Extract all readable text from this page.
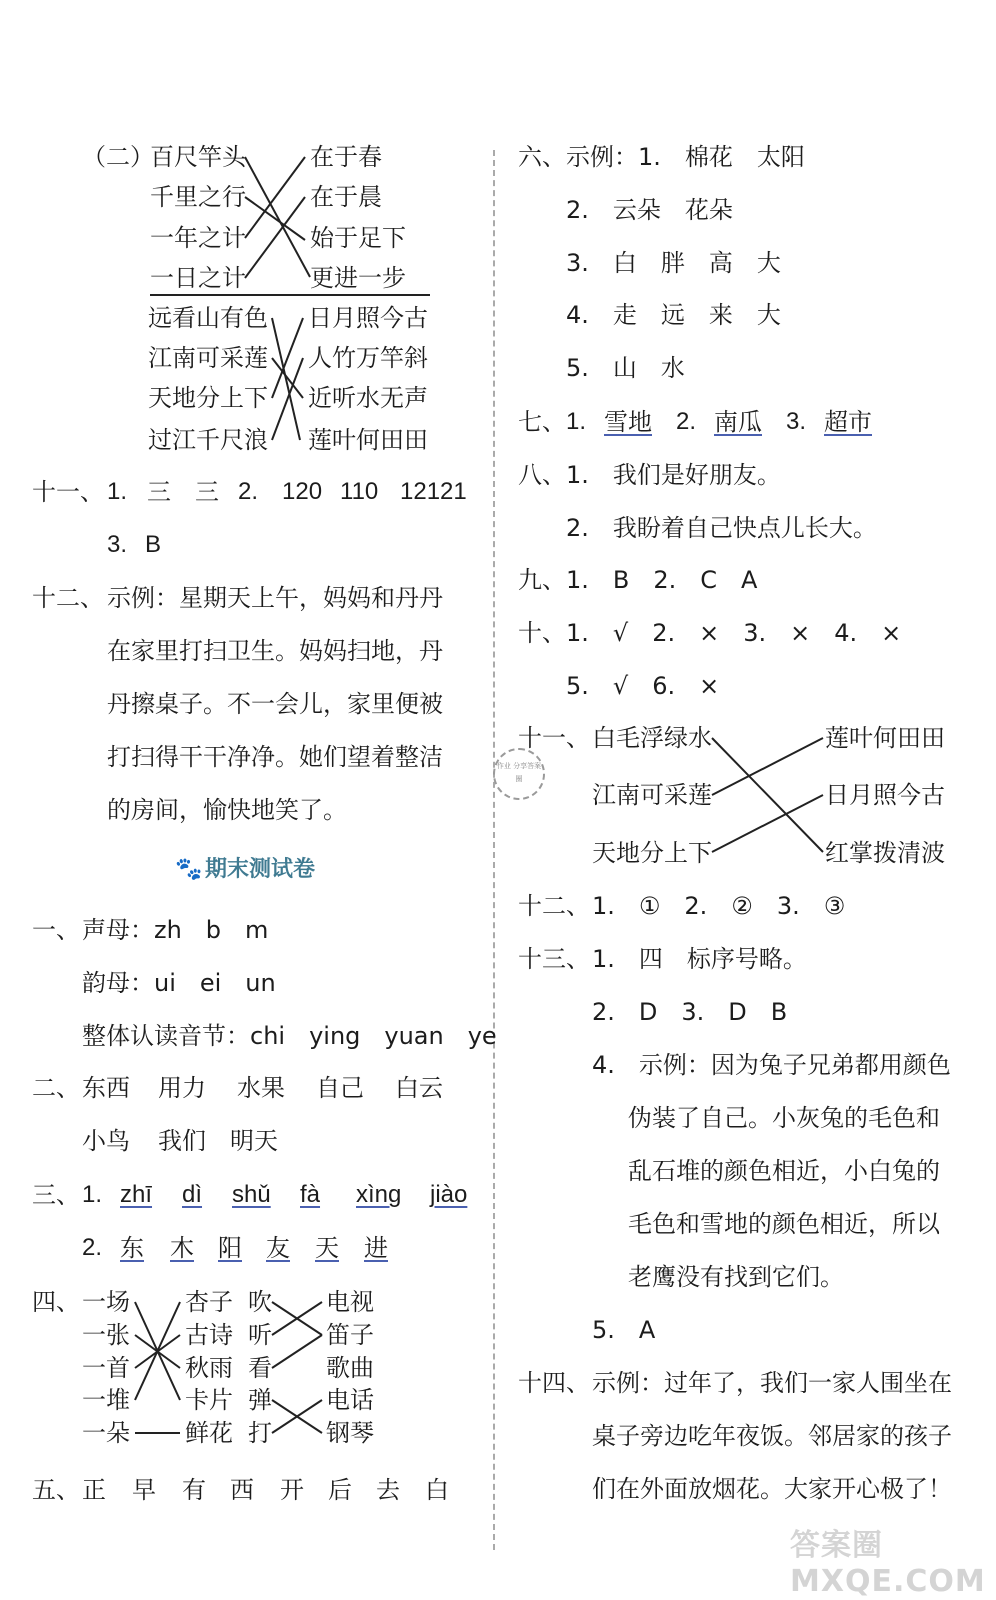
（二）
百尺竿头
千里之行
一年之计
一日之计
在于春
在于晨
始于足下
更进一步
远看山有色
江南可采莲
天地分上下
过江千尺浪
日月照今古
人竹万竿斜
近听水无声
莲叶何田田
十一、 1. 三 三 2. 120 110 12121
3. B
十二、 示例：星期天上午，妈妈和丹丹
在家里打扫卫生。妈妈扫地，丹
丹擦桌子。不一会儿，家里便被
打扫得干干净净。她们望着整洁
的房间，愉快地笑了。
🐾 期末测试卷
一、 声母：zh　b　m
韵母：ui　ei　un
整体认读音节：chi　ying　yuan　ye
二、 东西 用力 水果 自己 白云
小鸟 我们 明天
三、 1. zhī dì shǔ fà xìng jiào
2. 东 木 阳 友 天 进
四、 一场
一张
一首
一堆
一朵
杏子
古诗
秋雨
卡片
鲜花
吹
听
看
弹
打
电视
笛子
歌曲
电话
钢琴
五、 正 早 有 西 开 后 去 白
六、 示例：1.　棉花　太阳
2.　云朵　花朵
3.　白　胖　高　大
4.　走　远　来　大
5.　山　水
七、 1. 雪地 2. 南瓜 3. 超市
八、 1.　我们是好朋友。
2.　我盼着自己快点儿长大。
九、 1.　B　2.　C　A
十、 1.　√　2.　×　3.　×　4.　×
5.　√　6.　×
十一、 白毛浮绿水
江南可采莲
天地分上下
莲叶何田田
日月照今古
红掌拨清波
十二、 1.　①　2.　②　3.　③
十三、 1.　四　标序号略。
2.　D　3.　D　B
4.　示例：因为兔子兄弟都用颜色
伪装了自己。小灰兔的毛色和
乱石堆的颜色相近，小白兔的
毛色和雪地的颜色相近，所以
老鹰没有找到它们。
5.　A
十四、 示例：过年了，我们一家人围坐在
桌子旁边吃年夜饭。邻居家的孩子
们在外面放烟花。大家开心极了！
作业 分享答案圈
答案圈 MXQE.COM
